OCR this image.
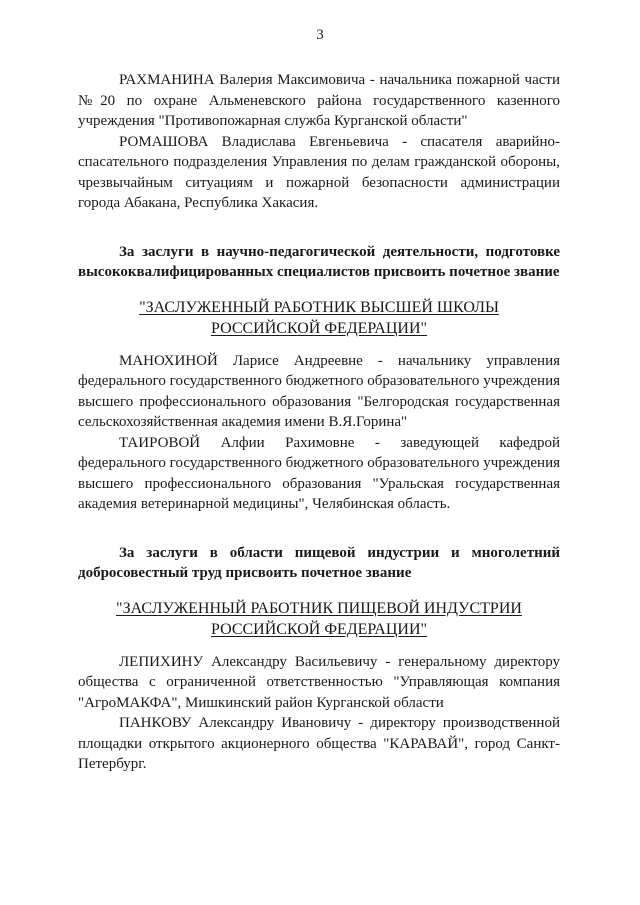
3

РАХМАНИНА Валерия Максимовича - начальника пожарной части №20 по охране Альменевского района государственного казенного учреждения "Противопожарная служба Курганской области"

РОМАШОВА Владислава Евгеньевича - спасателя аварийно-спасательного подразделения Управления по делам гражданской обороны, чрезвычайным ситуациям и пожарной безопасности администрации города Абакана, Республика Хакасия.

За заслуги в научно-педагогической деятельности, подготовке высококвалифицированных специалистов присвоить почетное звание

"ЗАСЛУЖЕННЫЙ РАБОТНИК ВЫСШЕЙ ШКОЛЫ
РОССИЙСКОЙ ФЕДЕРАЦИИ"

МАНОХИНОЙ Ларисе Андреевне - начальнику управления федерального государственного бюджетного образовательного учреждения высшего профессионального образования "Белгородская государственная сельскохозяйственная академия имени В.Я.Горина"

ТАИРОВОЙ Алфии Рахимовне - заведующей кафедрой федерального государственного бюджетного образовательного учреждения высшего профессионального образования "Уральская государственная академия ветеринарной медицины", Челябинская область.

За заслуги в области пищевой индустрии и многолетний добросовестный труд присвоить почетное звание

"ЗАСЛУЖЕННЫЙ РАБОТНИК ПИЩЕВОЙ ИНДУСТРИИ
РОССИЙСКОЙ ФЕДЕРАЦИИ"

ЛЕПИХИНУ Александру Васильевичу - генеральному директору общества с ограниченной ответственностью "Управляющая компания "АгроМАКФА", Мишкинский район Курганской области

ПАНКОВУ Александру Ивановичу - директору производственной площадки открытого акционерного общества "КАРАВАЙ", город Санкт-Петербург.
